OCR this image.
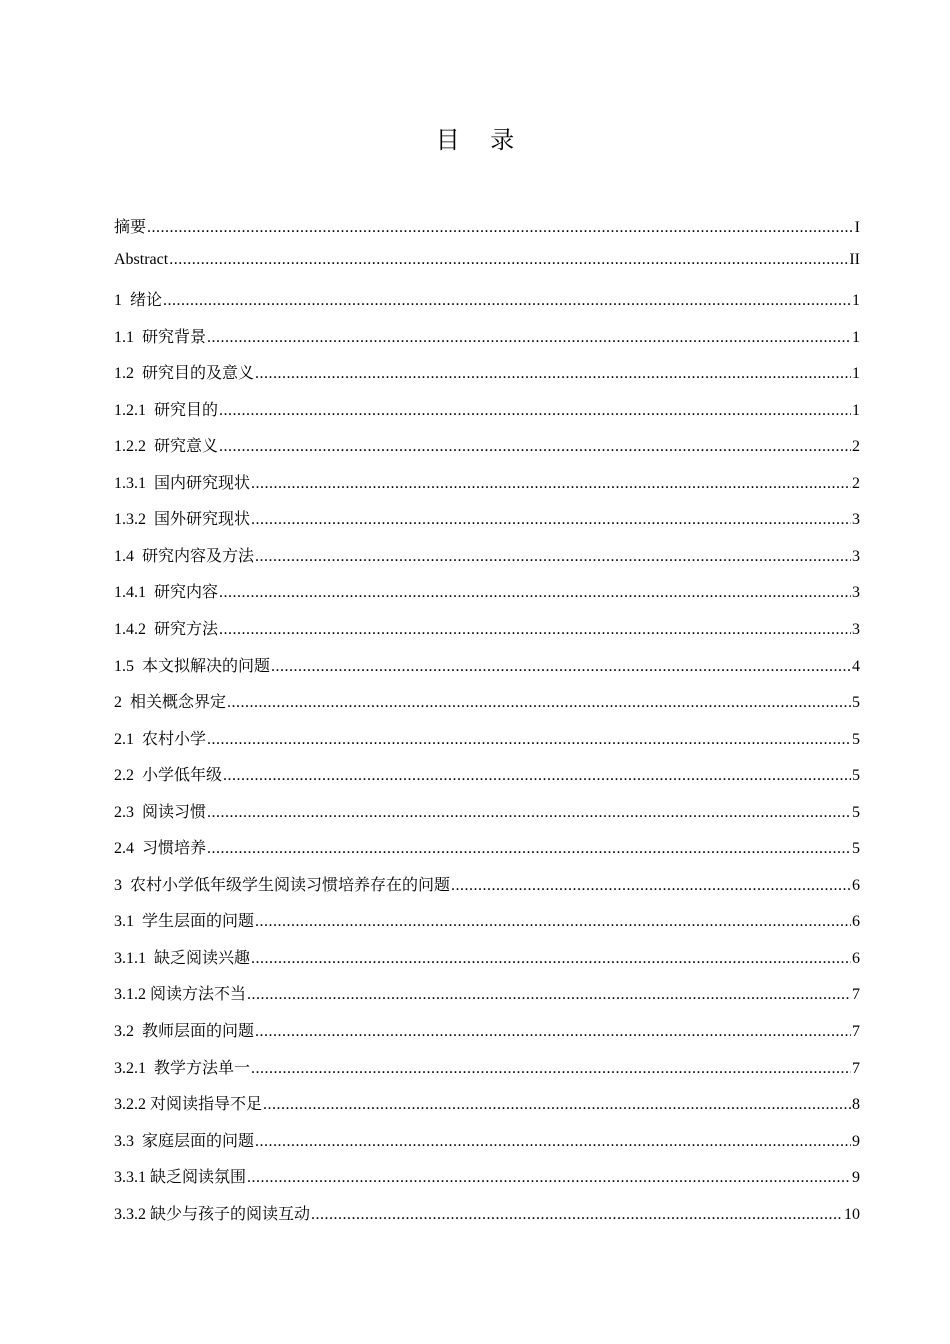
目    录
摘要 .....	I
Abstract .....	II
1  绪论 .....	1
1.1  研究背景 .....	1
1.2  研究目的及意义 .....	1
1.2.1  研究目的 .....	1
1.2.2  研究意义 .....	2
1.3.1  国内研究现状 .....	2
1.3.2  国外研究现状 .....	3
1.4  研究内容及方法 .....	3
1.4.1  研究内容 .....	3
1.4.2  研究方法 .....	3
1.5  本文拟解决的问题 .....	4
2  相关概念界定 .....	5
2.1  农村小学 .....	5
2.2  小学低年级 .....	5
2.3  阅读习惯 .....	5
2.4  习惯培养 .....	5
3  农村小学低年级学生阅读习惯培养存在的问题 .....	6
3.1  学生层面的问题 .....	6
3.1.1  缺乏阅读兴趣 .....	6
3.1.2 阅读方法不当 .....	7
3.2  教师层面的问题 .....	7
3.2.1  教学方法单一 .....	7
3.2.2 对阅读指导不足 .....	8
3.3  家庭层面的问题 .....	9
3.3.1 缺乏阅读氛围 .....	9
3.3.2 缺少与孩子的阅读互动 .....	10
